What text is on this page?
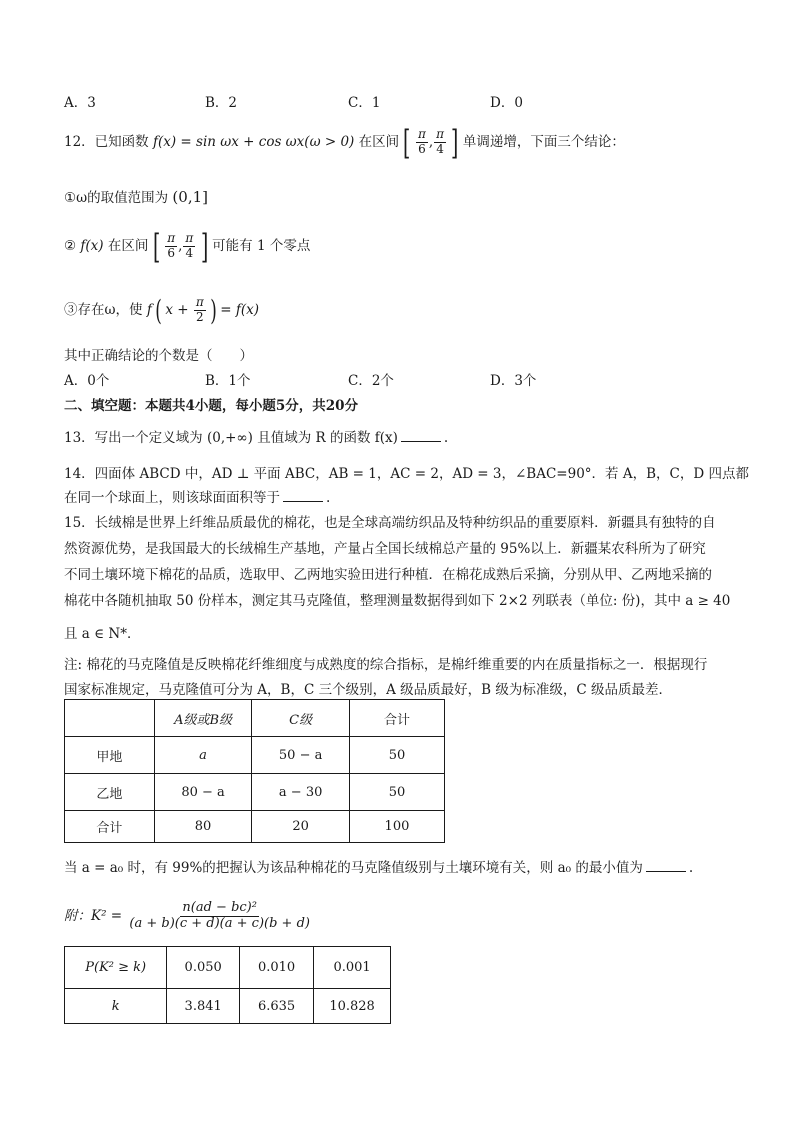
A．3	B．2	C．1	D．0
12．已知函数 f(x) = sin ωx + cos ωx(ω > 0) 在区间 [ $\frac{\pi}{6}$ , $\frac{\pi}{4}$ ] 单调递增，下面三个结论：
①ω的取值范围为 (0,1]
② f(x) 在区间 [ $\frac{\pi}{6}$ , $\frac{\pi}{4}$ ] 可能有 1 个零点
③存在ω，使 f ( $x + \frac{\pi}{2}$ ) = f(x)
其中正确结论的个数是（　　）
A．0个	B．1个	C．2个	D．3个
二、填空题：本题共4小题，每小题5分，共20分
13．写出一个定义域为 (0,+∞) 且值域为 R 的函数 f(x)	.
14．四面体 ABCD 中，AD ⊥ 平面 ABC，AB = 1，AC = 2，AD = 3，∠BAC=90°．若 A，B，C，D 四点都
在同一个球面上，则该球面面积等于	.
15．长绒棉是世界上纤维品质最优的棉花，也是全球高端纺织品及特种纺织品的重要原料．新疆具有独特的自
然资源优势，是我国最大的长绒棉生产基地，产量占全国长绒棉总产量的 95%以上．新疆某农科所为了研究
不同土壤环境下棉花的品质，选取甲、乙两地实验田进行种植．在棉花成熟后采摘，分别从甲、乙两地采摘的
棉花中各随机抽取 50 份样本，测定其马克隆值，整理测量数据得到如下 2×2 列联表（单位: 份)，其中 a ≥ 40
且 a ∈ N*．
注: 棉花的马克隆值是反映棉花纤维细度与成熟度的综合指标，是棉纤维重要的内在质量指标之一．根据现行
国家标准规定，马克隆值可分为 A，B，C 三个级别，A 级品质最好，B 级为标准级，C 级品质最差．
	A级或B级	C级	合计
甲地	a	50 − a	50
乙地	80 − a	a − 30	50
合计	80	20	100
当 a = a₀ 时，有 99%的把握认为该品种棉花的马克隆值级别与土壤环境有关，则 a₀ 的最小值为	.
附：$K^2 = \frac{\text{n(ad − bc)²}}{(a + b)(c + d)(a + c)(b + d)}$
P(K² ≥ k)	0.050	0.010	0.001
k	3.841	6.635	10.828
